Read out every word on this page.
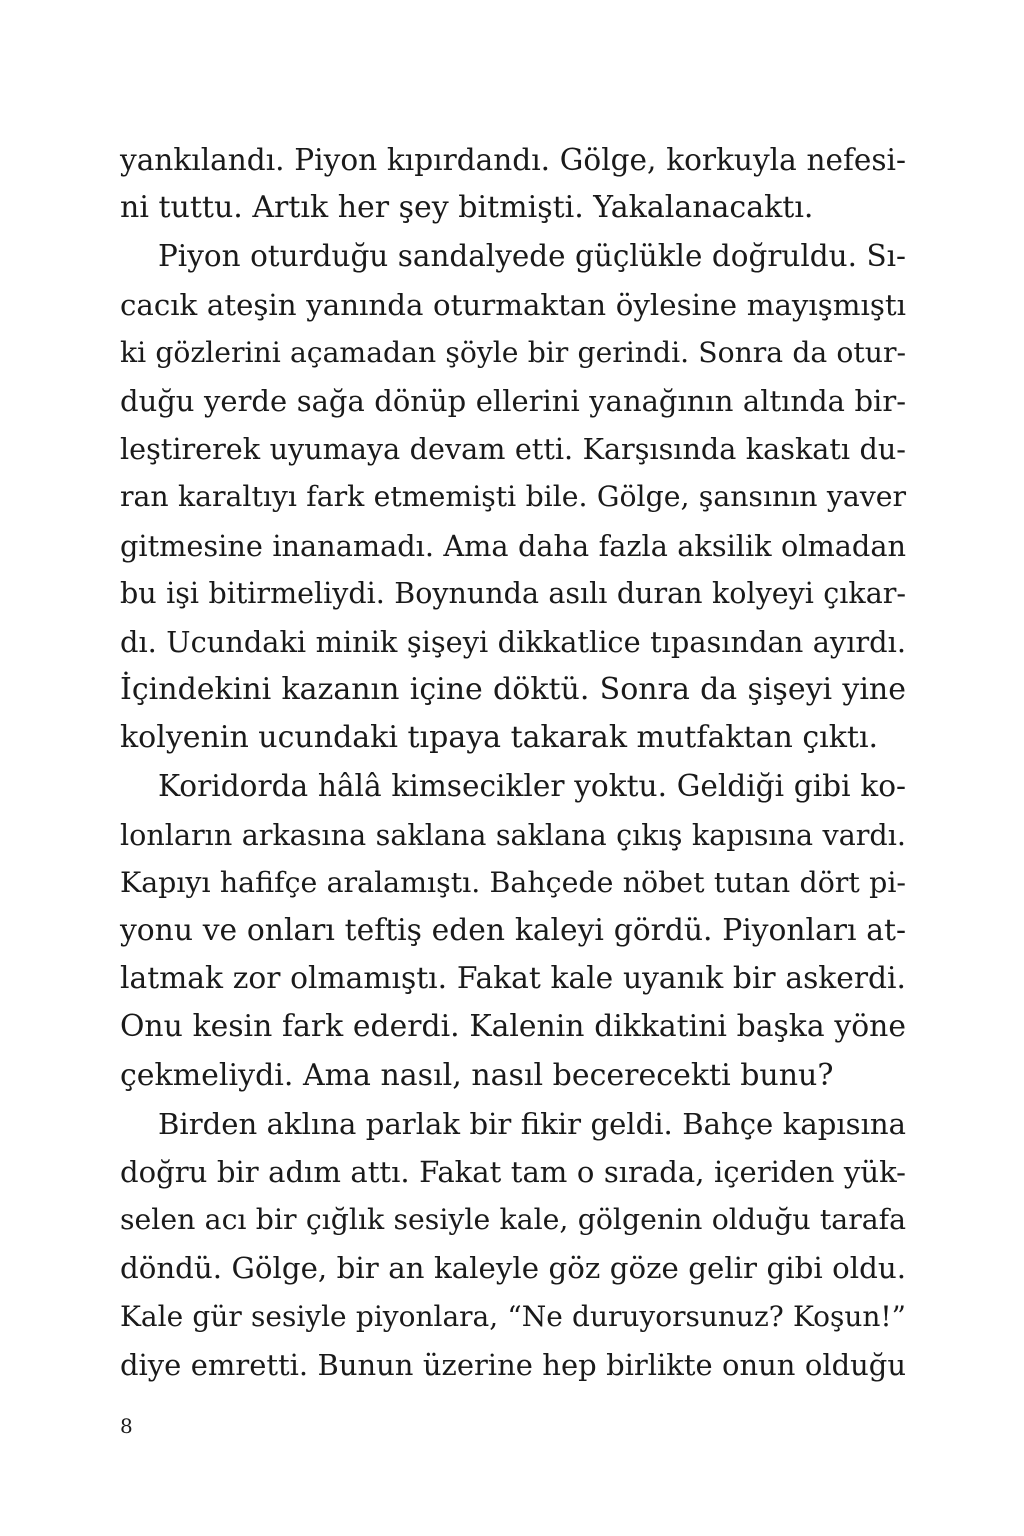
yankılandı. Piyon kıpırdandı. Gölge, korkuyla nefesi-
ni tuttu. Artık her şey bitmişti. Yakalanacaktı.
Piyon oturduğu sandalyede güçlükle doğruldu. Sı-
cacık ateşin yanında oturmaktan öylesine mayışmıştı
ki gözlerini açamadan şöyle bir gerindi. Sonra da otur-
duğu yerde sağa dönüp ellerini yanağının altında bir-
leştirerek uyumaya devam etti. Karşısında kaskatı du-
ran karaltıyı fark etmemişti bile. Gölge, şansının yaver
gitmesine inanamadı. Ama daha fazla aksilik olmadan
bu işi bitirmeliydi. Boynunda asılı duran kolyeyi çıkar-
dı. Ucundaki minik şişeyi dikkatlice tıpasından ayırdı.
İçindekini kazanın içine döktü. Sonra da şişeyi yine
kolyenin ucundaki tıpaya takarak mutfaktan çıktı.
Koridorda hâlâ kimsecikler yoktu. Geldiği gibi ko-
lonların arkasına saklana saklana çıkış kapısına vardı.
Kapıyı hafifçe aralamıştı. Bahçede nöbet tutan dört pi-
yonu ve onları teftiş eden kaleyi gördü. Piyonları at-
latmak zor olmamıştı. Fakat kale uyanık bir askerdi.
Onu kesin fark ederdi. Kalenin dikkatini başka yöne
çekmeliydi. Ama nasıl, nasıl becerecekti bunu?
Birden aklına parlak bir fikir geldi. Bahçe kapısına
doğru bir adım attı. Fakat tam o sırada, içeriden yük-
selen acı bir çığlık sesiyle kale, gölgenin olduğu tarafa
döndü. Gölge, bir an kaleyle göz göze gelir gibi oldu.
Kale gür sesiyle piyonlara, “Ne duruyorsunuz? Koşun!”
diye emretti. Bunun üzerine hep birlikte onun olduğu
8
